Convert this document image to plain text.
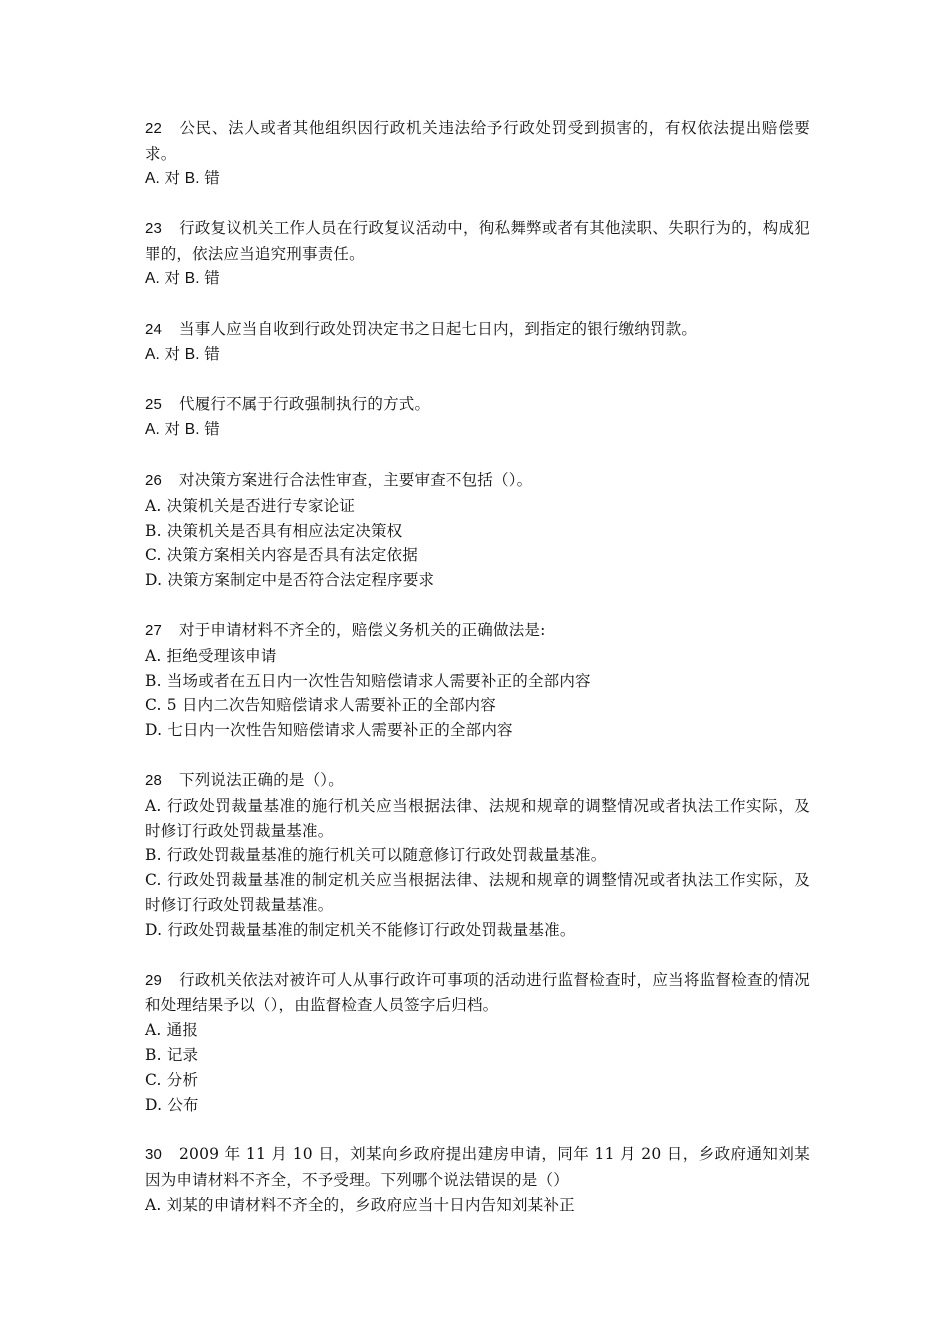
22 公民、法人或者其他组织因行政机关违法给予行政处罚受到损害的，有权依法提出赔偿要求。
A. 对 B. 错
23 行政复议机关工作人员在行政复议活动中，徇私舞弊或者有其他渎职、失职行为的，构成犯罪的，依法应当追究刑事责任。
A. 对 B. 错
24 当事人应当自收到行政处罚决定书之日起七日内，到指定的银行缴纳罚款。
A. 对 B. 错
25 代履行不属于行政强制执行的方式。
A. 对 B. 错
26 对决策方案进行合法性审查，主要审查不包括（）。
A. 决策机关是否进行专家论证
B. 决策机关是否具有相应法定决策权
C. 决策方案相关内容是否具有法定依据
D. 决策方案制定中是否符合法定程序要求
27 对于申请材料不齐全的，赔偿义务机关的正确做法是:
A. 拒绝受理该申请
B. 当场或者在五日内一次性告知赔偿请求人需要补正的全部内容
C. 5 日内二次告知赔偿请求人需要补正的全部内容
D. 七日内一次性告知赔偿请求人需要补正的全部内容
28 下列说法正确的是（）。
A. 行政处罚裁量基准的施行机关应当根据法律、法规和规章的调整情况或者执法工作实际，及时修订行政处罚裁量基准。
B. 行政处罚裁量基准的施行机关可以随意修订行政处罚裁量基准。
C. 行政处罚裁量基准的制定机关应当根据法律、法规和规章的调整情况或者执法工作实际，及时修订行政处罚裁量基准。
D. 行政处罚裁量基准的制定机关不能修订行政处罚裁量基准。
29 行政机关依法对被许可人从事行政许可事项的活动进行监督检查时，应当将监督检查的情况和处理结果予以（），由监督检查人员签字后归档。
A. 通报
B. 记录
C. 分析
D. 公布
30 2009 年 11 月 10 日，刘某向乡政府提出建房申请，同年 11 月 20 日，乡政府通知刘某因为申请材料不齐全，不予受理。下列哪个说法错误的是（）
A. 刘某的申请材料不齐全的，乡政府应当十日内告知刘某补正
